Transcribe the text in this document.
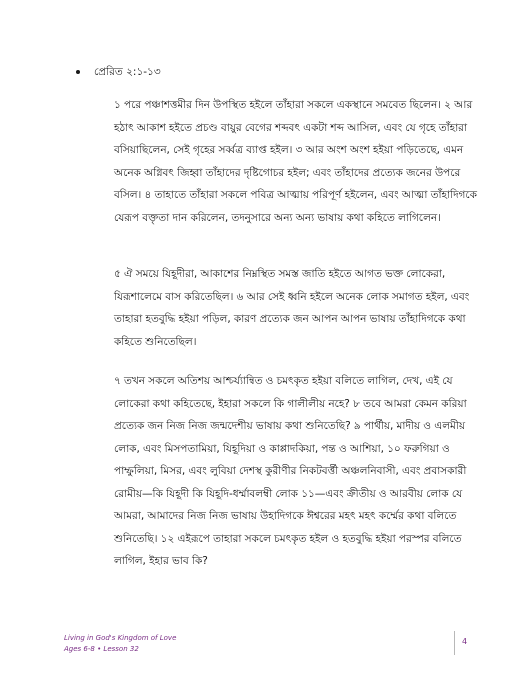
প্রেরিত ২:১-১৩

১ পরে পঞ্চাশত্তমীর দিন উপস্থিত হইলে তাঁহারা সকলে একস্থানে সমবেত ছিলেন। ২ আর হঠাৎ আকাশ হইতে প্রচণ্ড বায়ুর বেগের শব্দবৎ একটা শব্দ আসিল, এবং যে গৃহে তাঁহারা বসিয়াছিলেন, সেই গৃহের সর্ব্বত্র ব্যাপ্ত হইল। ৩ আর অংশ অংশ হইয়া পড়িতেছে, এমন অনেক অগ্নিবৎ জিহ্বা তাঁহাদের দৃষ্টিগোচর হইল; এবং তাঁহাদের প্রত্যেক জনের উপরে বসিল। ৪ তাহাতে তাঁহারা সকলে পবিত্র আত্মায় পরিপূর্ণ হইলেন, এবং আত্মা তাঁহাদিগকে যেরূপ বক্তৃতা দান করিলেন, তদনুসারে অন্য অন্য ভাষায় কথা কহিতে লাগিলেন।

৫ ঐ সময়ে যিহূদীরা, আকাশের নিম্নস্থিত সমস্ত জাতি হইতে আগত ভক্ত লোকেরা, যিরূশালেমে বাস করিতেছিল। ৬ আর সেই ধ্বনি হইলে অনেক লোক সমাগত হইল, এবং তাহারা হতবুদ্ধি হইয়া পড়িল, কারণ প্রত্যেক জন আপন আপন ভাষায় তাঁহাদিগকে কথা কহিতে শুনিতেছিল।

৭ তখন সকলে অতিশয় আশ্চর্য্যান্বিত ও চমৎকৃত হইয়া বলিতে লাগিল, দেখ, এই যে লোকেরা কথা কহিতেছে, ইহারা সকলে কি গালীলীয় নহে? ৮ তবে আমরা কেমন করিয়া প্রত্যেক জন নিজ নিজ জন্মদেশীয় ভাষায় কথা শুনিতেছি? ৯ পার্থীয়, মাদীয় ও এলমীয় লোক, এবং মিসপতামিয়া, যিহূদিয়া ও কাপ্পাদকিয়া, পন্ত ও আশিয়া, ১০ ফরুগিয়া ও পাম্ফুলিয়া, মিসর, এবং লুবিয়া দেশস্থ কুরীণীর নিকটবর্ত্তী অঞ্চলনিবাসী, এবং প্রবাসকারী রোমীয়—কি যিহূদী কি যিহূদি-ধর্ম্মাবলম্বী লোক ১১—এবং ক্রীতীয় ও আরবীয় লোক যে আমরা, আমাদের নিজ নিজ ভাষায় উহাদিগকে ঈশ্বরের মহৎ মহৎ কর্ম্মের কথা বলিতে শুনিতেছি। ১২ এইরূপে তাহারা সকলে চমৎকৃত হইল ও হতবুদ্ধি হইয়া পরস্পর বলিতে লাগিল, ইহার ভাব কি?

Living in God's Kingdom of Love
Ages 6-8 • Lesson 32
4
